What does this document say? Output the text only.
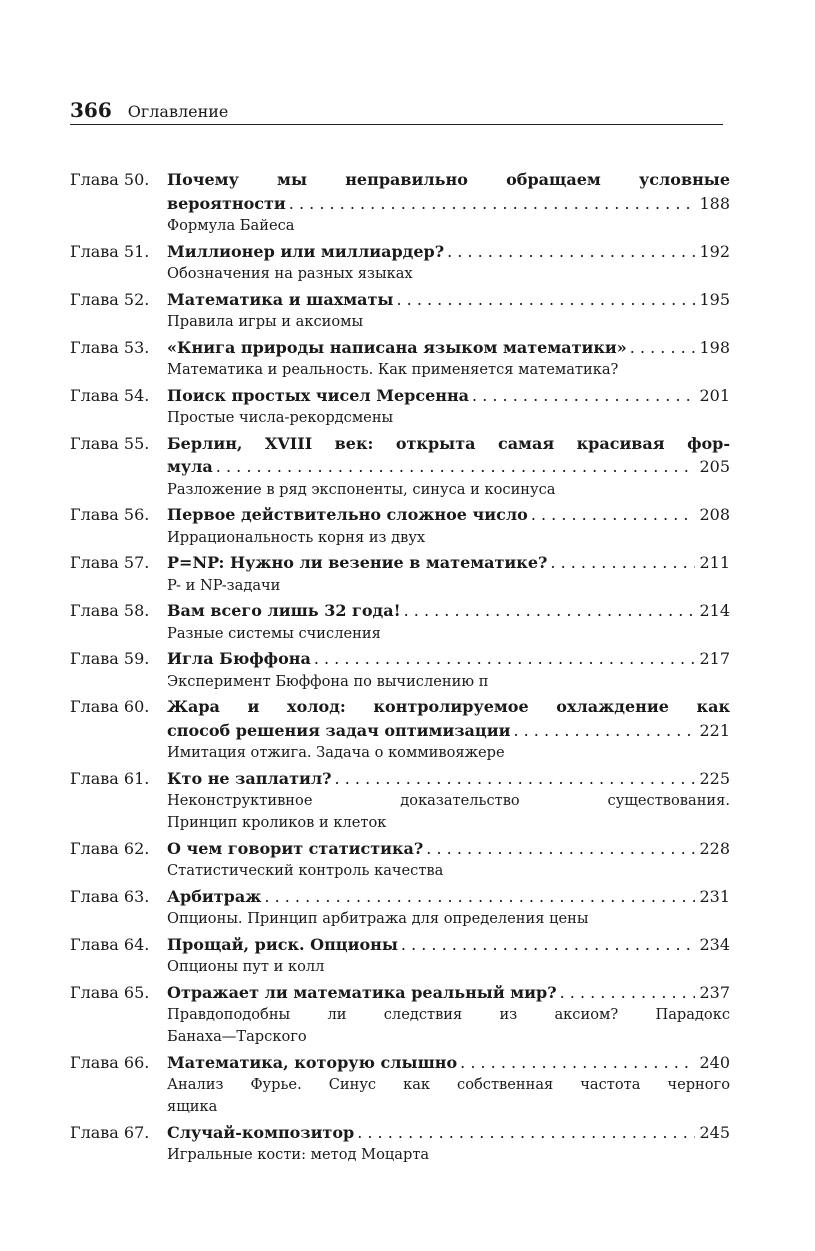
366 Оглавление
Глава 50.	Почему мы неправильно обращаем условные
вероятности . . .	188
Формула Байеса
Глава 51.	Миллионер или миллиардер? . . .	192
Обозначения на разных языках
Глава 52.	Математика и шахматы . . .	195
Правила игры и аксиомы
Глава 53.	«Книга природы написана языком математики» . . .	198
Математика и реальность. Как применяется математика?
Глава 54.	Поиск простых чисел Мерсенна . . .	201
Простые числа-рекордсмены
Глава 55.	Берлин, XVIII век: открыта самая красивая фор-
мула . . .	205
Разложение в ряд экспоненты, синуса и косинуса
Глава 56.	Первое действительно сложное число . . .	208
Иррациональность корня из двух
Глава 57.	P=NP: Нужно ли везение в математике? . . .	211
P- и NP-задачи
Глава 58.	Вам всего лишь 32 года! . . .	214
Разные системы счисления
Глава 59.	Игла Бюффона . . .	217
Эксперимент Бюффона по вычислению π
Глава 60.	Жара и холод: контролируемое охлаждение как
способ решения задач оптимизации . . .	221
Имитация отжига. Задача о коммивояжере
Глава 61.	Кто не заплатил? . . .	225
Неконструктивное доказательство существования.
Принцип кроликов и клеток
Глава 62.	О чем говорит статистика? . . .	228
Статистический контроль качества
Глава 63.	Арбитраж . . .	231
Опционы. Принцип арбитража для определения цены
Глава 64.	Прощай, риск. Опционы . . .	234
Опционы пут и колл
Глава 65.	Отражает ли математика реальный мир? . . .	237
Правдоподобны ли следствия из аксиом? Парадокс
Банаха—Тарского
Глава 66.	Математика, которую слышно . . .	240
Анализ Фурье. Синус как собственная частота черного
ящика
Глава 67.	Случай-композитор . . .	245
Игральные кости: метод Моцарта
